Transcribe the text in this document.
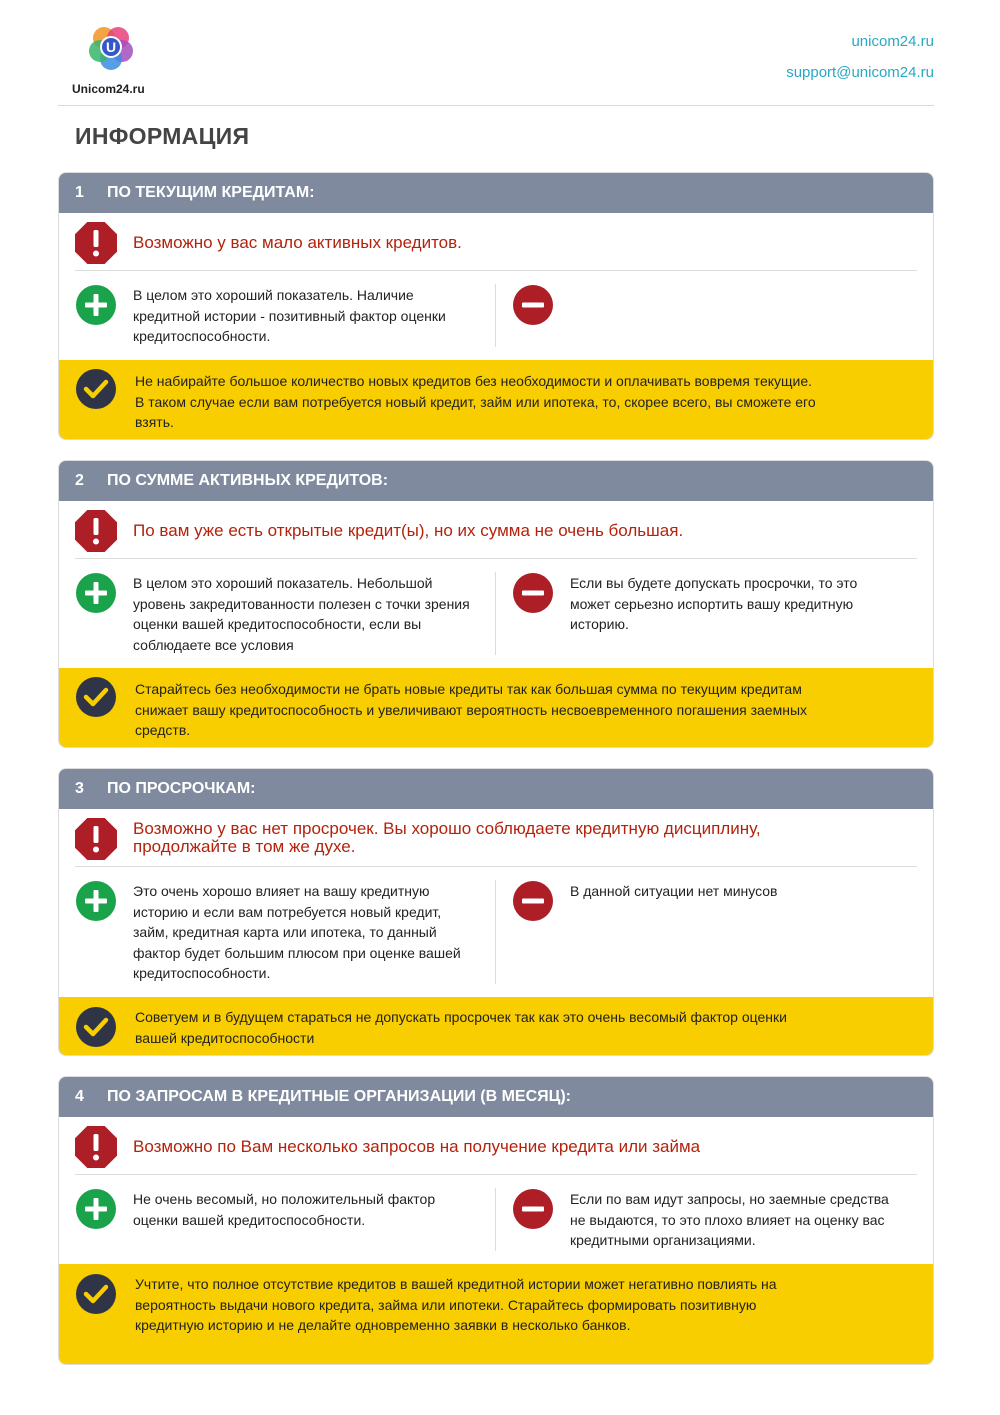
U
Unicom24.ru
unicom24.ru
support@unicom24.ru
ИНФОРМАЦИЯ
1	ПО ТЕКУЩИМ КРЕДИТАМ:
Возможно у вас мало активных кредитов.
В целом это хороший показатель. Наличие кредитной истории - позитивный фактор оценки кредитоспособности.
Не набирайте большое количество новых кредитов без необходимости и оплачивать вовремя текущие. В таком случае если вам потребуется новый кредит, займ или ипотека, то, скорее всего, вы сможете его взять.
2	ПО СУММЕ АКТИВНЫХ КРЕДИТОВ:
По вам уже есть открытые кредит(ы), но их сумма не очень большая.
В целом это хороший показатель. Небольшой уровень закредитованности полезен с точки зрения оценки вашей кредитоспособности, если вы соблюдаете все условия
Если вы будете допускать просрочки, то это может серьезно испортить вашу кредитную историю.
Старайтесь без необходимости не брать новые кредиты так как большая сумма по текущим кредитам снижает вашу кредитоспособность и увеличивают вероятность несвоевременного погашения заемных средств.
3	ПО ПРОСРОЧКАМ:
Возможно у вас нет просрочек. Вы хорошо соблюдаете кредитную дисциплину, продолжайте в том же духе.
Это очень хорошо влияет на вашу кредитную историю и если вам потребуется новый кредит, займ, кредитная карта или ипотека, то данный фактор будет большим плюсом при оценке вашей кредитоспособности.
В данной ситуации нет минусов
Советуем и в будущем стараться не допускать просрочек так как это очень весомый фактор оценки вашей кредитоспособности
4	ПО ЗАПРОСАМ В КРЕДИТНЫЕ ОРГАНИЗАЦИИ (В МЕСЯЦ):
Возможно по Вам несколько запросов на получение кредита или займа
Не очень весомый, но положительный фактор оценки вашей кредитоспособности.
Если по вам идут запросы, но заемные средства не выдаются, то это плохо влияет на оценку вас кредитными организациями.
Учтите, что полное отсутствие кредитов в вашей кредитной истории может негативно повлиять на вероятность выдачи нового кредита, займа или ипотеки. Старайтесь формировать позитивную кредитную историю и не делайте одновременно заявки в несколько банков.
